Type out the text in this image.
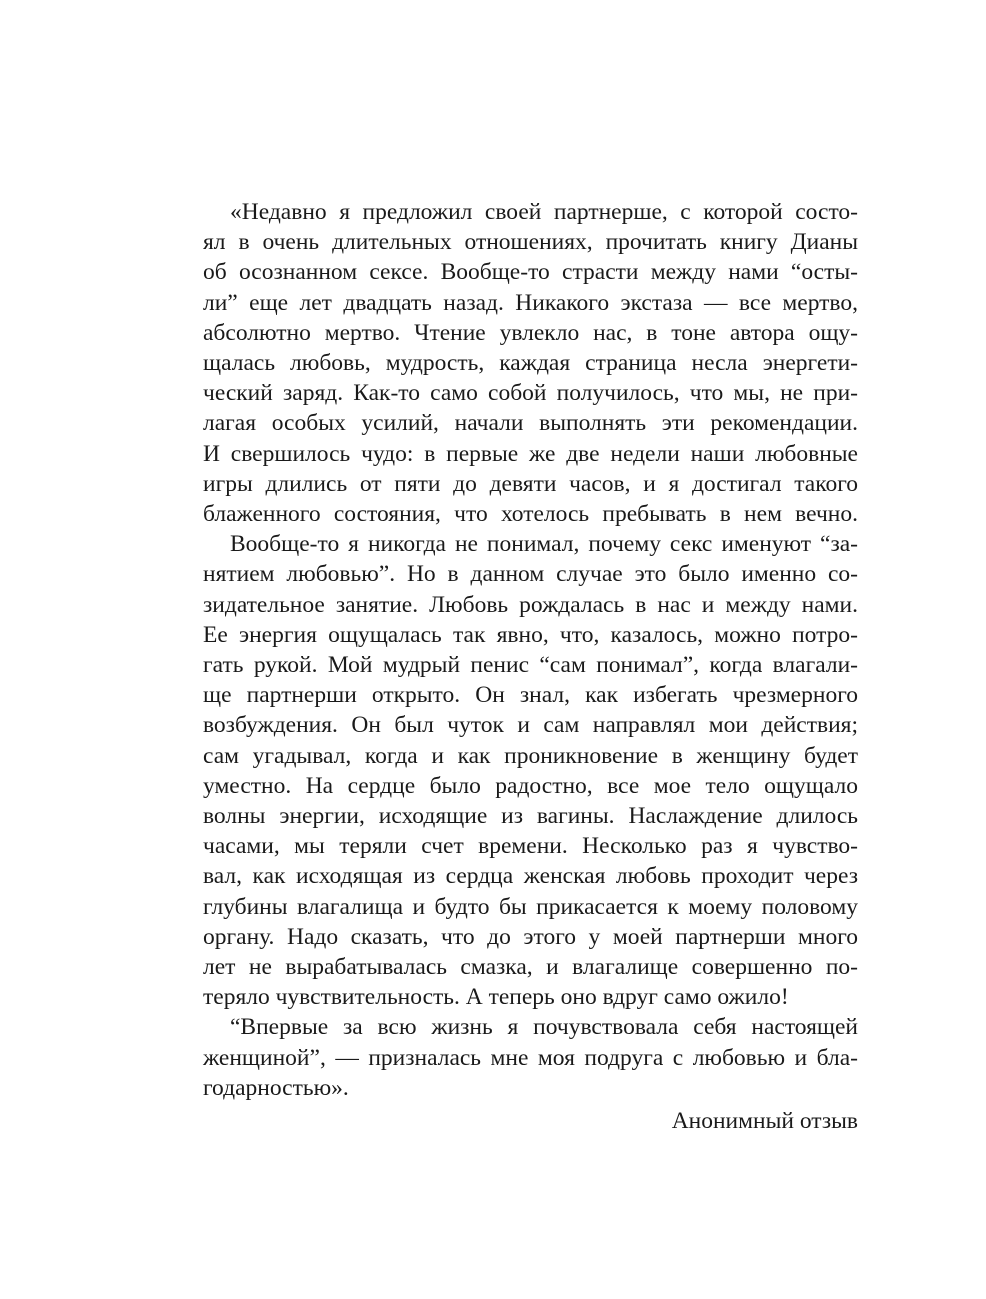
«Недавно я предложил своей партнерше, с которой состо-
ял в очень длительных отношениях, прочитать книгу Дианы
об осознанном сексе. Вообще-то страсти между нами “осты-
ли” еще лет двадцать назад. Никакого экстаза — все мертво,
абсолютно мертво. Чтение увлекло нас, в тоне автора ощу-
щалась любовь, мудрость, каждая страница несла энергети-
ческий заряд. Как-то само собой получилось, что мы, не при-
лагая особых усилий, начали выполнять эти рекомендации.
И свершилось чудо: в первые же две недели наши любовные
игры длились от пяти до девяти часов, и я достигал такого
блаженного состояния, что хотелось пребывать в нем вечно.
Вообще-то я никогда не понимал, почему секс именуют “за-
нятием любовью”. Но в данном случае это было именно со-
зидательное занятие. Любовь рождалась в нас и между нами.
Ее энергия ощущалась так явно, что, казалось, можно потро-
гать рукой. Мой мудрый пенис “сам понимал”, когда влагали-
ще партнерши открыто. Он знал, как избегать чрезмерного
возбуждения. Он был чуток и сам направлял мои действия;
сам угадывал, когда и как проникновение в женщину будет
уместно. На сердце было радостно, все мое тело ощущало
волны энергии, исходящие из вагины. Наслаждение длилось
часами, мы теряли счет времени. Несколько раз я чувство-
вал, как исходящая из сердца женская любовь проходит через
глубины влагалища и будто бы прикасается к моему половому
органу. Надо сказать, что до этого у моей партнерши много
лет не вырабатывалась смазка, и влагалище совершенно по-
теряло чувствительность. А теперь оно вдруг само ожило!
“Впервые за всю жизнь я почувствовала себя настоящей
женщиной”, — призналась мне моя подруга с любовью и бла-
годарностью».
Анонимный отзыв
